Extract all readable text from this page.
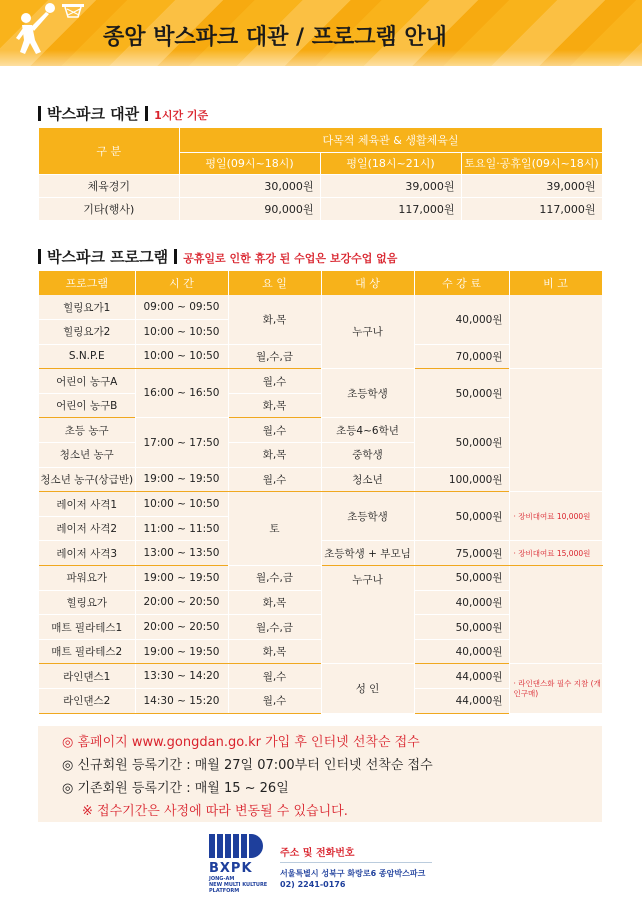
종암 박스파크 대관 / 프로그램 안내
박스파크 대관 1시간 기준
구 분	다목적 체육관 & 생활체육실		
	평일(09시~18시)	평일(18시~21시)	토요일·공휴일(09시~18시)
체육경기	30,000원	39,000원	39,000원
기타(행사)	90,000원	117,000원	117,000원
박스파크 프로그램 공휴일로 인한 휴강 된 수업은 보강수업 없음
프로그램	시 간	요 일	대 상	수 강 료	비 고
힐링요가1	09:00 ~ 09:50	화,목	누구나	40,000원	
힐링요가2	10:00 ~ 10:50				
S.N.P.E	10:00 ~ 10:50	월,수,금		70,000원	
어린이 농구A	16:00 ~ 16:50	월,수	초등학생	50,000원	
어린이 농구B		화,목			
초등 농구	17:00 ~ 17:50	월,수	초등4~6학년	50,000원	
청소년 농구		화,목	중학생		
청소년 농구(상급반)	19:00 ~ 19:50	월,수	청소년	100,000원	
레이저 사격1	10:00 ~ 10:50	토	초등학생	50,000원	· 장비대여료 10,000원
레이저 사격2	11:00 ~ 11:50				
레이저 사격3	13:00 ~ 13:50		초등학생 + 부모님	75,000원	· 장비대여료 15,000원
파워요가	19:00 ~ 19:50	월,수,금	누구나	50,000원	
힐링요가	20:00 ~ 20:50	화,목		40,000원	
매트 필라테스1	20:00 ~ 20:50	월,수,금		50,000원	
매트 필라테스2	19:00 ~ 19:50	화,목		40,000원	
라인댄스1	13:30 ~ 14:20	월,수	성 인	44,000원	· 라인댄스화 필수 지참 (개인구매)
라인댄스2	14:30 ~ 15:20	월,수		44,000원	
◎ 홈페이지 www.gongdan.go.kr 가입 후 인터넷 선착순 접수
◎ 신규회원 등록기간 : 매월 27일 07:00부터 인터넷 선착순 접수
◎ 기존회원 등록기간 : 매월 15 ~ 26일
※ 접수기간은 사정에 따라 변동될 수 있습니다.
BXPK
JONG-AM
NEW MULTI KULTURE
PLATFORM
주소 및 전화번호
서울특별시 성북구 화랑로6 종암박스파크
02) 2241-0176
